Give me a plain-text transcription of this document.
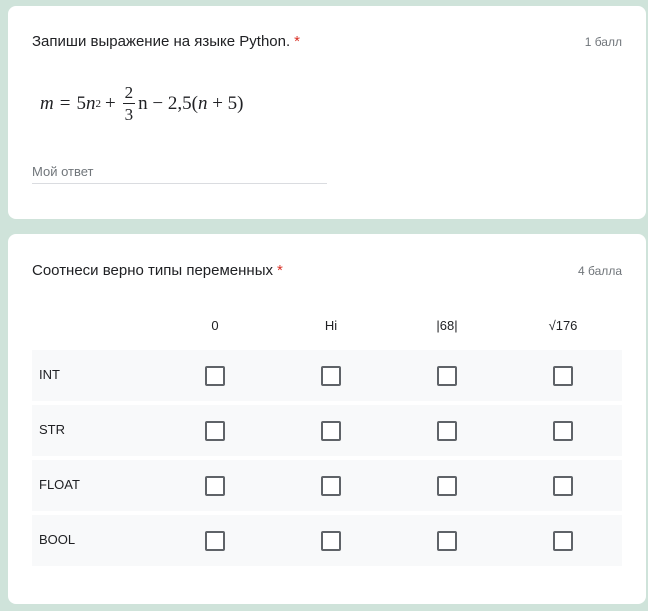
Запиши выражение на языке Python. *	1 балл
m = 5 n $2 + \frac{2}{3}$ n − 2,5( n + 5)
Мой ответ
Соотнеси верно типы переменных *	4 балла
0	Hi	|68|	√176
INT
STR
FLOAT
BOOL
